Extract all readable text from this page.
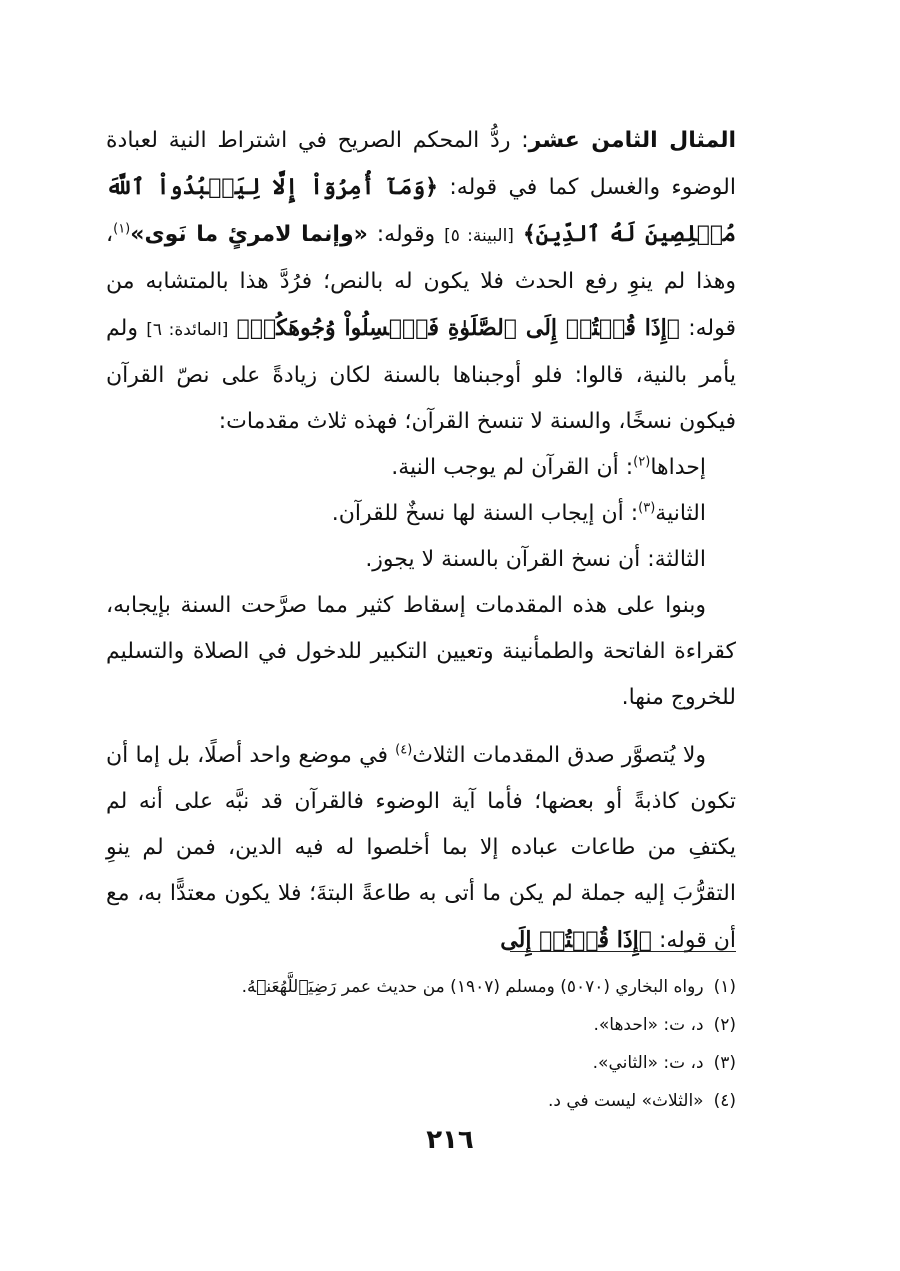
المثال الثامن عشر: ردُّ المحكم الصريح في اشتراط النية لعبادة الوضوء والغسل كما في قوله: ﴿وَمَآ أُمِرُوٓاْ إِلَّا لِيَعۡبُدُواْ ٱللَّهَ مُخۡلِصِينَ لَهُ ٱلدِّينَ﴾ [البينة: ٥] وقوله: «وإنما لامرئٍ ما نَوى»$^{(١)}$، وهذا لم ينوِ رفع الحدث فلا يكون له بالنص؛ فرُدَّ هذا بالمتشابه من قوله: ﴿إِذَا قُمۡتُمۡ إِلَى ٱلصَّلَوٰةِ فَٱغۡسِلُواْ وُجُوهَكُمۡ﴾ [المائدة: ٦] ولم يأمر بالنية، قالوا: فلو أوجبناها بالسنة لكان زيادةً على نصّ القرآن فيكون نسخًا، والسنة لا تنسخ القرآن؛ فهذه ثلاث مقدمات:

إحداها$^{(٢)}$: أن القرآن لم يوجب النية.

الثانية$^{(٣)}$: أن إيجاب السنة لها نسخٌ للقرآن.

الثالثة: أن نسخ القرآن بالسنة لا يجوز.

وبنوا على هذه المقدمات إسقاط كثير مما صرَّحت السنة بإيجابه، كقراءة الفاتحة والطمأنينة وتعيين التكبير للدخول في الصلاة والتسليم للخروج منها.

ولا يُتصوَّر صدق المقدمات الثلاث$^{(٤)}$ في موضع واحد أصلًا، بل إما أن تكون كاذبةً أو بعضها؛ فأما آية الوضوء فالقرآن قد نبَّه على أنه لم يكتفِ من طاعات عباده إلا بما أخلصوا له فيه الدين، فمن لم ينوِ التقرُّبَ إليه جملة لم يكن ما أتى به طاعةً البتةَ؛ فلا يكون معتدًّا به، مع أن قوله: ﴿إِذَا قُمۡتُمۡ إِلَى

(١)رواه البخاري (٥٠٧٠) ومسلم (١٩٠٧) من حديث عمر رَضِيَٱللَّهُعَنۡهُ.

(٢)د، ت: «احدها».

(٣)د، ت: «الثاني».

(٤)«الثلاث» ليست في د.

٢١٦
